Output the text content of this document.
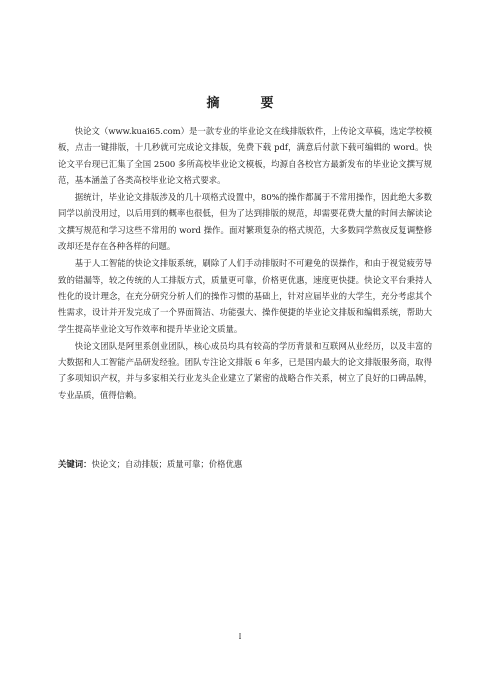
摘　要

快论文（www.kuai65.com）是一款专业的毕业论文在线排版软件，上传论文草稿，选定学校模板，点击一键排版，十几秒就可完成论文排版，免费下载 pdf，满意后付款下载可编辑的 word。快论文平台现已汇集了全国 2500 多所高校毕业论文模板，均源自各校官方最新发布的毕业论文撰写规范，基本涵盖了各类高校毕业论文格式要求。

据统计，毕业论文排版涉及的几十项格式设置中，80%的操作都属于不常用操作，因此绝大多数同学以前没用过，以后用到的概率也很低，但为了达到排版的规范，却需要花费大量的时间去解读论文撰写规范和学习这些不常用的 word 操作。面对繁琐复杂的格式规范，大多数同学熬夜反复调整修改却还是存在各种各样的问题。

基于人工智能的快论文排版系统，刷除了人们手动排版时不可避免的误操作，和由于视觉疲劳导致的错漏等，较之传统的人工排版方式，质量更可靠，价格更优惠，速度更快捷。快论文平台秉持人性化的设计理念，在充分研究分析人们的操作习惯的基础上，针对应届毕业的大学生，充分考虑其个性需求，设计并开发完成了一个界面简洁、功能强大、操作便捷的毕业论文排版和编辑系统，帮助大学生提高毕业论文写作效率和提升毕业论文质量。

快论文团队是阿里系创业团队，核心成员均具有较高的学历背景和互联网从业经历，以及丰富的大数据和人工智能产品研发经验。团队专注论文排版 6 年多，已是国内最大的论文排版服务商，取得了多项知识产权，并与多家相关行业龙头企业建立了紧密的战略合作关系，树立了良好的口碑品牌，专业品质，值得信赖。

关键词：快论文；自动排版；质量可靠；价格优惠
I
